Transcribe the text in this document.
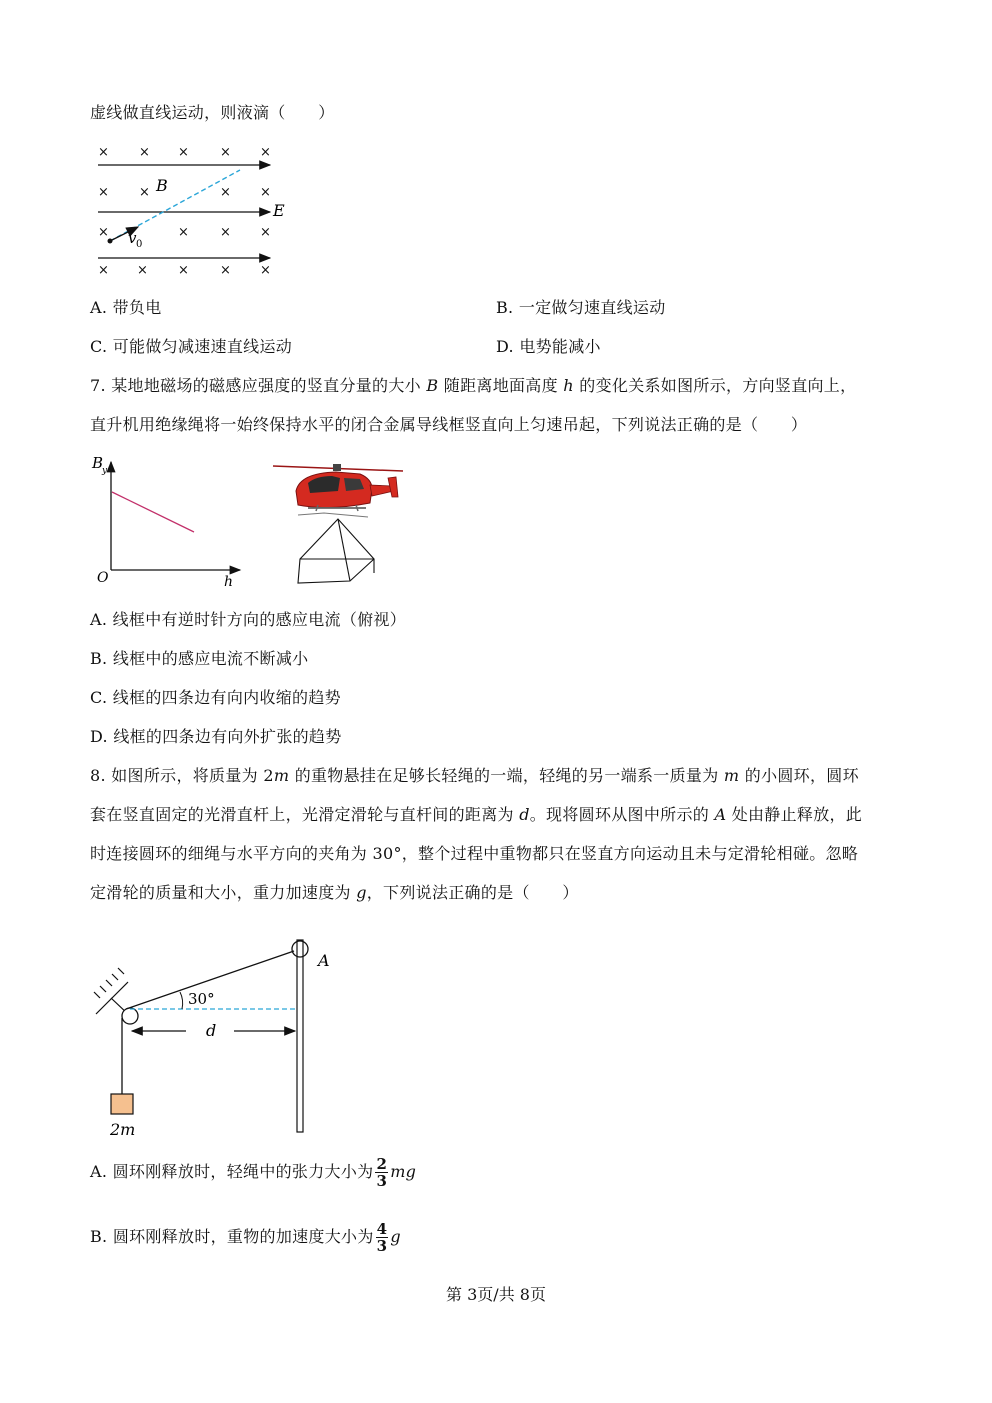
虚线做直线运动，则液滴（　　）
× × × × ×
× ×	× ×
×	× × ×
× × × × ×
B
E
v 0
A. 带负电	B. 一定做匀速直线运动
C. 可能做匀减速速直线运动	D. 电势能减小
7. 某地地磁场的磁感应强度的竖直分量的大小 B 随距离地面高度 h 的变化关系如图所示，方向竖直向上，
直升机用绝缘绳将一始终保持水平的闭合金属导线框竖直向上匀速吊起，下列说法正确的是（　　）
B
y
h
O
A. 线框中有逆时针方向的感应电流（俯视）
B. 线框中的感应电流不断减小
C. 线框的四条边有向内收缩的趋势
D. 线框的四条边有向外扩张的趋势
8. 如图所示，将质量为 2m 的重物悬挂在足够长轻绳的一端，轻绳的另一端系一质量为 m 的小圆环，圆环
套在竖直固定的光滑直杆上，光滑定滑轮与直杆间的距离为 d。现将圆环从图中所示的 A 处由静止释放，此
时连接圆环的细绳与水平方向的夹角为 30°，整个过程中重物都只在竖直方向运动且未与定滑轮相碰。忽略
定滑轮的质量和大小，重力加速度为 g，下列说法正确的是（　　）
30°
A
d
2m
A. 圆环刚释放时，轻绳中的张力大小为 $\frac{2}{3}$ mg
B. 圆环刚释放时，重物的加速度大小为 $\frac{4}{3}$ g
第 3页/共 8页
